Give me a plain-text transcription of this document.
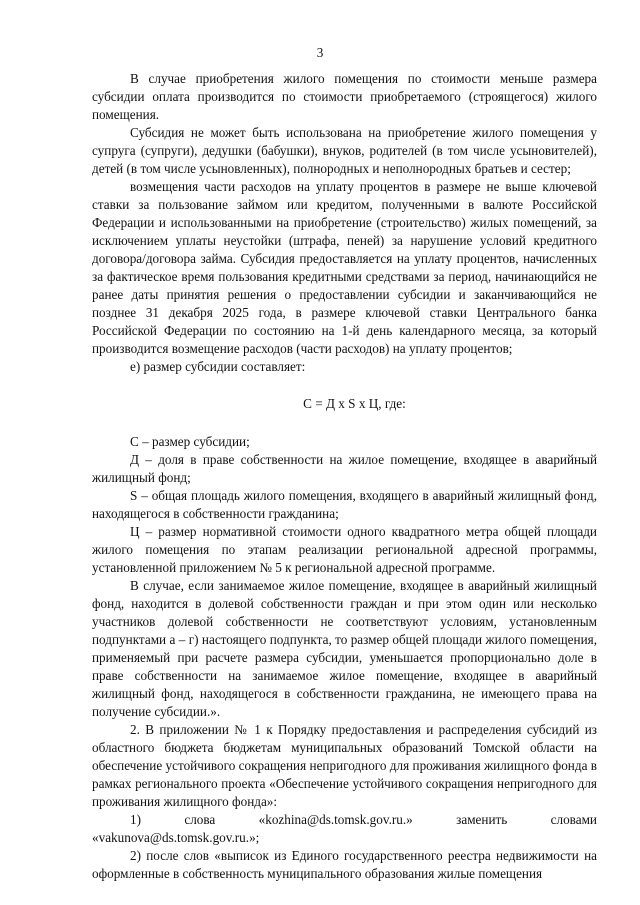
3

В случае приобретения жилого помещения по стоимости меньше размера субсидии оплата производится по стоимости приобретаемого (строящегося) жилого помещения.

Субсидия не может быть использована на приобретение жилого помещения у супруга (супруги), дедушки (бабушки), внуков, родителей (в том числе усыновителей), детей (в том числе усыновленных), полнородных и неполнородных братьев и сестер;

возмещения части расходов на уплату процентов в размере не выше ключевой ставки за пользование займом или кредитом, полученными в валюте Российской Федерации и использованными на приобретение (строительство) жилых помещений, за исключением уплаты неустойки (штрафа, пеней) за нарушение условий кредитного договора/договора займа. Субсидия предоставляется на уплату процентов, начисленных за фактическое время пользования кредитными средствами за период, начинающийся не ранее даты принятия решения о предоставлении субсидии и заканчивающийся не позднее 31 декабря 2025 года, в размере ключевой ставки Центрального банка Российской Федерации по состоянию на 1-й день календарного месяца, за который производится возмещение расходов (части расходов) на уплату процентов;

е) размер субсидии составляет:

С = Д х S х Ц, где:

С – размер субсидии;

Д – доля в праве собственности на жилое помещение, входящее в аварийный жилищный фонд;

S – общая площадь жилого помещения, входящего в аварийный жилищный фонд, находящегося в собственности гражданина;

Ц – размер нормативной стоимости одного квадратного метра общей площади жилого помещения по этапам реализации региональной адресной программы, установленной приложением № 5 к региональной адресной программе.

В случае, если занимаемое жилое помещение, входящее в аварийный жилищный фонд, находится в долевой собственности граждан и при этом один или несколько участников долевой собственности не соответствуют условиям, установленным подпунктами а – г) настоящего подпункта, то размер общей площади жилого помещения, применяемый при расчете размера субсидии, уменьшается пропорционально доле в праве собственности на занимаемое жилое помещение, входящее в аварийный жилищный фонд, находящегося в собственности гражданина, не имеющего права на получение субсидии.».

2. В приложении № 1 к Порядку предоставления и распределения субсидий из областного бюджета бюджетам муниципальных образований Томской области на обеспечение устойчивого сокращения непригодного для проживания жилищного фонда в рамках регионального проекта «Обеспечение устойчивого сокращения непригодного для проживания жилищного фонда»:

1) слова «kozhina@ds.tomsk.gov.ru.» заменить словами «vakunova@ds.tomsk.gov.ru.»;

2) после слов «выписок из Единого государственного реестра недвижимости на оформленные в собственность муниципального образования жилые помещения
